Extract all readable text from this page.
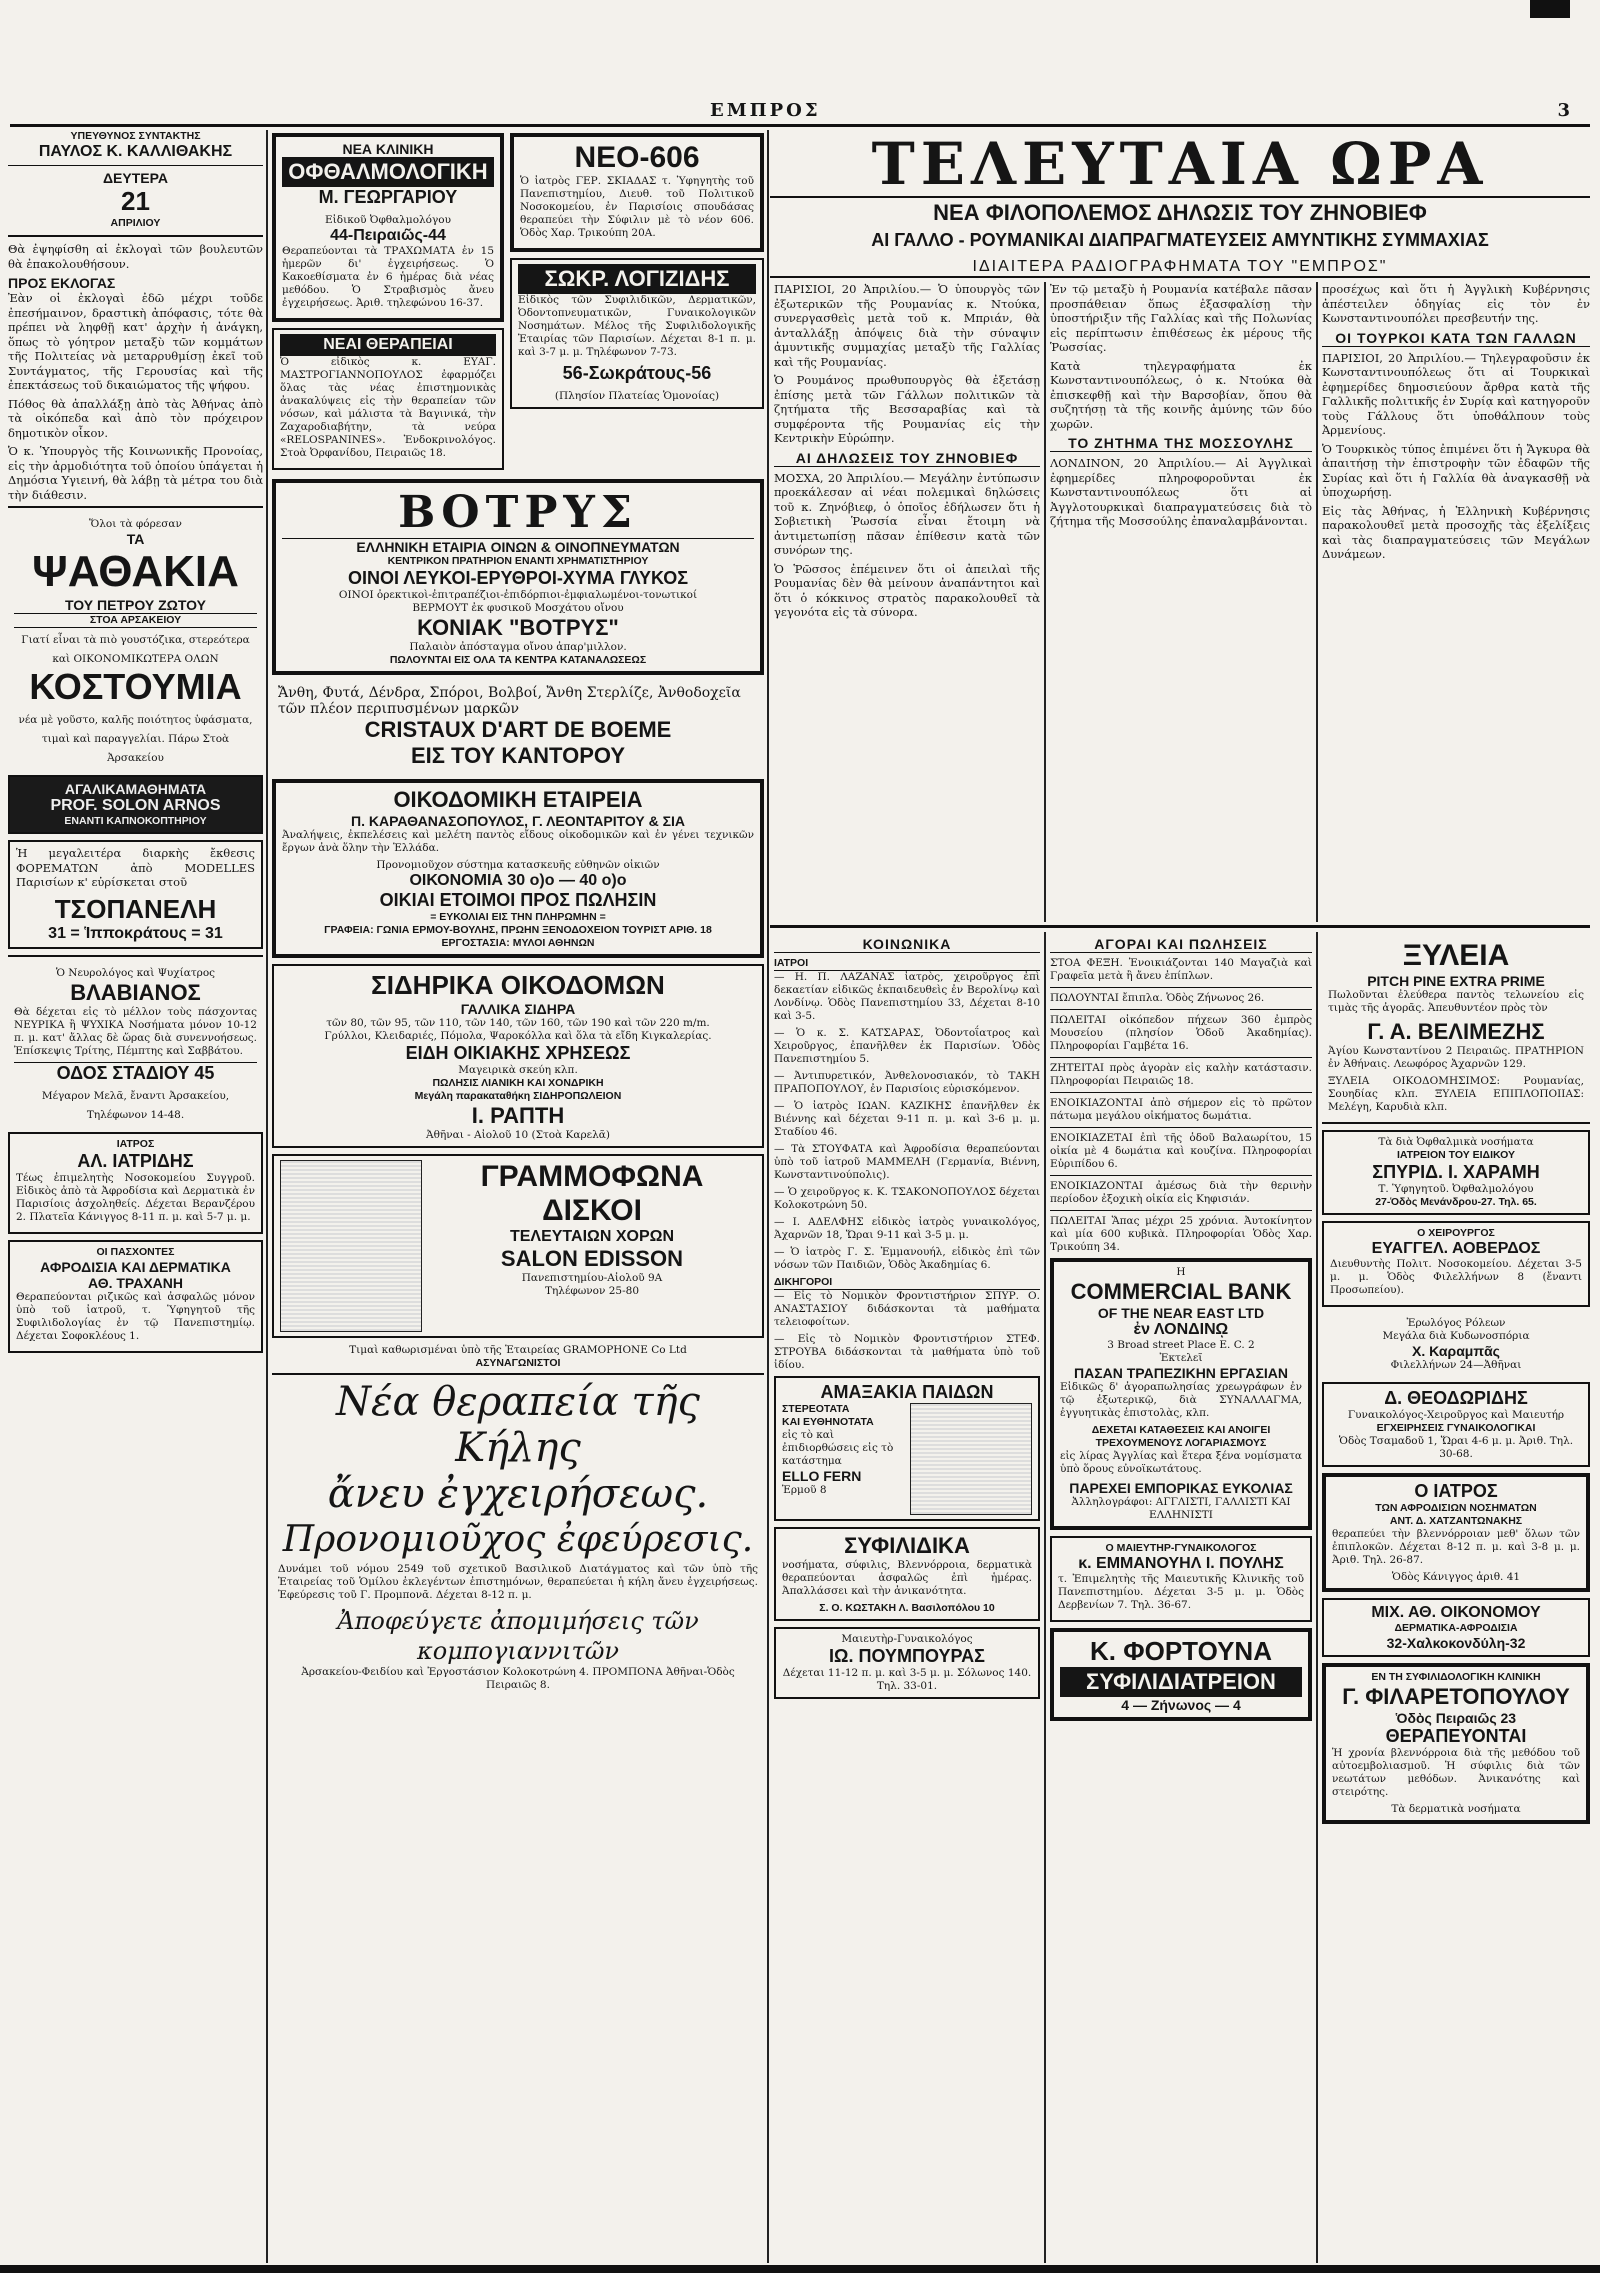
ΕΜΠΡΟΣ	3
ΥΠΕΥΘΥΝΟΣ ΣΥΝΤΑΚΤΗΣ
ΠΑΥΛΟΣ Κ. ΚΑΛΛΙΘΑΚΗΣ
ΔΕΥΤΕΡΑ
21
ΑΠΡΙΛΙΟΥ

Θὰ ἐψηφίσθη αἱ ἐκλογαὶ τῶν βουλευτῶν θὰ ἐπακολουθήσουν.

ΠΡΟΣ ΕΚΛΟΓΑΣ

Ἐὰν οἱ ἐκλογαὶ ἐδῶ μέχρι τοῦδε ἐπεσήμαινον, δραστικὴ ἀπόφασις, τότε θὰ πρέπει νὰ ληφθῇ κατ' ἀρχὴν ἡ ἀνάγκη, ὅπως τὸ γόητρον μεταξὺ τῶν κομμάτων τῆς Πολιτείας νὰ μεταρρυθμίσῃ ἐκεῖ τοῦ Συντάγματος, τῆς Γερουσίας καὶ τῆς ἐπεκτάσεως τοῦ δικαιώματος τῆς ψήφου.

Πόθος θὰ ἀπαλλάξῃ ἀπὸ τὰς Ἀθήνας ἀπὸ τὰ οἰκόπεδα καὶ ἀπὸ τὸν πρόχειρον δημοτικὸν οἶκον.

Ὁ κ. Ὑπουργὸς τῆς Κοινωνικῆς Προνοίας, εἰς τὴν ἁρμοδιότητα τοῦ ὁποίου ὑπάγεται ἡ Δημόσια Υγιεινή, θὰ λάβῃ τὰ μέτρα του διὰ τὴν διάθεσιν.

Ὅλοι τὰ φόρεσαν
ΤΑ
ΨΑΘΑΚΙΑ
ΤΟΥ ΠΕΤΡΟΥ ΖΩΤΟΥ
ΣΤΟΑ ΑΡΣΑΚΕΙΟΥ
Γιατί εἶναι τὰ πιὸ γουστόζικα, στερεότερα καὶ ΟΙΚΟΝΟΜΙΚΩΤΕΡΑ ΟΛΩΝ
ΚΟΣΤΟΥΜΙΑ
νέα μὲ γοῦστο, καλῆς ποιότητος ὑφάσματα, τιμαὶ καὶ παραγγελίαι. Πάρω Στοὰ Ἀρσακείου
ΑΓΑΛΙΚΑΜΑΘΗΜΑΤΑ
PROF. SOLON ARNOS
ΕΝΑΝΤΙ ΚΑΠΝΟΚΟΠΤΗΡΙΟΥ
Ἡ μεγαλειτέρα διαρκὴς ἔκθεσις ΦΟΡΕΜΑΤΩΝ ἀπὸ MODELLES Παρισίων κ' εὐρίσκεται στοῦ
ΤΣΟΠΑΝΕΛΗ
31 = Ἱπποκράτους = 31
Ὁ Νευρολόγος καὶ Ψυχίατρος
ΒΛΑΒΙΑΝΟΣ
Θὰ δέχεται εἰς τὸ μέλλον τοὺς πάσχοντας ΝΕΥΡΙΚΑ ἢ ΨΥΧΙΚΑ Νοσήματα μόνον 10-12 π. μ. κατ' ἄλλας δὲ ὥρας διὰ συνεννοήσεως. Ἐπίσκεψις Τρίτης, Πέμπτης καὶ Σαββάτου.
ΟΔΟΣ ΣΤΑΔΙΟΥ 45
Μέγαρον Μελᾶ, ἔναντι Ἀρσακείου, Τηλέφωνον 14-48.
ΙΑΤΡΟΣ
ΑΛ. ΙΑΤΡΙΔΗΣ
Τέως ἐπιμελητὴς Νοσοκομείου Συγγροῦ. Εἰδικὸς ἀπὸ τὰ Ἀφροδίσια καὶ Δερματικὰ ἐν Παρισίοις ἀσχοληθείς. Δέχεται Βερανζέρου 2. Πλατεῖα Κάνιγγος 8-11 π. μ. καὶ 5-7 μ. μ.
ΟΙ ΠΑΣΧΟΝΤΕΣ
ΑΦΡΟΔΙΣΙΑ ΚΑΙ ΔΕΡΜΑΤΙΚΑ
ΑΘ. ΤΡΑΧΑΝΗ
Θεραπεύονται ριζικῶς καὶ ἀσφαλῶς μόνον ὑπὸ τοῦ ἰατροῦ, τ. Ὑφηγητοῦ τῆς Συφιλιδολογίας ἐν τῷ Πανεπιστημίῳ. Δέχεται Σοφοκλέους 1.
ΝΕΑ ΚΛΙΝΙΚΗ
ΟΦΘΑΛΜΟΛΟΓΙΚΗ
Μ. ΓΕΩΡΓΑΡΙΟΥ
Εἰδικοῦ Ὀφθαλμολόγου
44-Πειραιῶς-44
Θεραπεύονται τὰ ΤΡΑΧΩΜΑΤΑ ἐν 15 ἡμερῶν δι' ἐγχειρήσεως. Ὁ Κακοεθίσματα ἐν 6 ἡμέρας διὰ νέας μεθόδου. Ὁ Στραβισμὸς ἄνευ ἐγχειρήσεως. Ἀριθ. τηλεφώνου 16-37.
ΝΕΑΙ ΘΕΡΑΠΕΙΑΙ
Ὁ εἰδικὸς κ. ΕΥΑΓ. ΜΑΣΤΡΟΓΙΑΝΝΟΠΟΥΛΟΣ ἐφαρμόζει ὅλας τὰς νέας ἐπιστημονικὰς ἀνακαλύψεις εἰς τὴν θεραπείαν τῶν νόσων, καὶ μάλιστα τὰ Βαγινικά, τὴν Ζαχαροδιαβήτην, τὰ νεύρα «RELOSPANINES». Ἐνδοκρινολόγος. Στοὰ Ὀρφανίδου, Πειραιῶς 18.
ΝΕΟ-606
Ὁ ἰατρὸς ΓΕΡ. ΣΚΙΑΔΑΣ τ. Ὑφηγητὴς τοῦ Πανεπιστημίου, Διευθ. τοῦ Πολιτικοῦ Νοσοκομείου, ἐν Παρισίοις σπουδάσας θεραπεύει τὴν Σύφιλιν μὲ τὸ νέον 606. Ὁδὸς Χαρ. Τρικούπη 20Α.
ΣΩΚΡ. ΛΟΓΙΖΙΔΗΣ
Εἰδικὸς τῶν Συφιλιδικῶν, Δερματικῶν, Ὀδοντοπνευματικῶν, Γυναικολογικῶν Νοσημάτων. Μέλος τῆς Συφιλιδολογικῆς Ἑταιρίας τῶν Παρισίων. Δέχεται 8-1 π. μ. καὶ 3-7 μ. μ. Τηλέφωνον 7-73.
56-Σωκράτους-56
(Πλησίον Πλατείας Ὁμονοίας)
ΒΟΤΡΥΣ
ΕΛΛΗΝΙΚΗ ΕΤΑΙΡΙΑ ΟΙΝΩΝ & ΟΙΝΟΠΝΕΥΜΑΤΩΝ
ΚΕΝΤΡΙΚΟΝ ΠΡΑΤΗΡΙΟΝ ΕΝΑΝΤΙ ΧΡΗΜΑΤΙΣΤΗΡΙΟΥ
ΟΙΝΟΙ ΛΕΥΚΟΙ-ΕΡΥΘΡΟΙ-ΧΥΜΑ ΓΛΥΚΟΣ
ΟΙΝΟΙ ὀρεκτικοὶ-ἐπιτραπέζιοι-ἐπιδόρπιοι-ἐμφιαλωμένοι-τονωτικοί
ΒΕΡΜΟΥΤ ἐκ φυσικοῦ Μοσχάτου οἴνου
ΚΟΝΙΑΚ "ΒΟΤΡΥΣ"
Παλαιὸν ἀπόσταγμα οἴνου ἀπαρ'μιλλον.
ΠΩΛΟΥΝΤΑΙ ΕΙΣ ΟΛΑ ΤΑ ΚΕΝΤΡΑ ΚΑΤΑΝΑΛΩΣΕΩΣ
Ἄνθη, Φυτά, Δένδρα, Σπόροι, Βολβοί, Ἄνθη Στερλίζε, Ἀνθοδοχεῖα τῶν πλέον περιπυσμένων μαρκῶν
CRISTAUX D'ART DE BOEME
ΕΙΣ ΤΟΥ ΚΑΝΤΟΡΟΥ
ΟΙΚΟΔΟΜΙΚΗ ΕΤΑΙΡΕΙΑ
Π. ΚΑΡΑΘΑΝΑΣΟΠΟΥΛΟΣ, Γ. ΛΕΟΝΤΑΡΙΤΟΥ & ΣΙΑ
Ἀναλήψεις, ἐκπελέσεις καὶ μελέτη παντὸς εἴδους οἰκοδομικῶν καὶ ἐν γένει τεχνικῶν ἔργων ἀνὰ ὅλην τὴν Ἑλλάδα.
Προνομιοῦχον σύστημα κατασκευῆς εὐθηνῶν οἰκιῶν
ΟΙΚΟΝΟΜΙΑ 30 ο)ο — 40 ο)ο
ΟΙΚΙΑΙ ΕΤΟΙΜΟΙ ΠΡΟΣ ΠΩΛΗΣΙΝ
= ΕΥΚΟΛΙΑΙ ΕΙΣ ΤΗΝ ΠΛΗΡΩΜΗΝ =
ΓΡΑΦΕΙΑ: ΓΩΝΙΑ ΕΡΜΟΥ-ΒΟΥΛΗΣ, ΠΡΩΗΝ ΞΕΝΟΔΟΧΕΙΟΝ ΤΟΥΡΙΣΤ ΑΡΙΘ. 18
ΕΡΓΟΣΤΑΣΙΑ: ΜΥΛΟΙ ΑΘΗΝΩΝ
ΣΙΔΗΡΙΚΑ ΟΙΚΟΔΟΜΩΝ
ΓΑΛΛΙΚΑ ΣΙΔΗΡΑ
τῶν 80, τῶν 95, τῶν 110, τῶν 140, τῶν 160, τῶν 190 καὶ τῶν 220 m/m.
Γρύλλοι, Κλειδαριές, Πόμολα, Ψαροκόλλα καὶ ὅλα τὰ εἴδη Κιγκαλερίας.
ΕΙΔΗ ΟΙΚΙΑΚΗΣ ΧΡΗΣΕΩΣ
Μαγειρικὰ σκεύη κλπ.
ΠΩΛΗΣΙΣ ΛΙΑΝΙΚΗ ΚΑΙ ΧΟΝΔΡΙΚΗ
Μεγάλη παρακαταθήκη ΣΙΔΗΡΟΠΩΛΕΙΟΝ
Ι. ΡΑΠΤΗ
Ἀθῆναι - Αἰολοῦ 10 (Στοὰ Καρελᾶ)
ΓΡΑΜΜΟΦΩΝΑ
ΔΙΣΚΟΙ
ΤΕΛΕΥΤΑΙΩΝ ΧΟΡΩΝ
SALON EDISSON
Πανεπιστημίου-Αἰολοῦ 9Α
Τηλέφωνον 25-80
Τιμαὶ καθωρισμέναι ὑπὸ τῆς Ἑταιρείας GRAMOPHONE Co Ltd
ΑΣΥΝΑΓΩΝΙΣΤΟΙ
Νέα θεραπεία τῆς Κήλης
ἄνευ ἐγχειρήσεως.
Προνομιοῦχος ἐφεύρεσις.
Δυνάμει τοῦ νόμου 2549 τοῦ σχετικοῦ Βασιλικοῦ Διατάγματος καὶ τῶν ὑπὸ τῆς Ἑταιρείας τοῦ Ὁμίλου ἐκλεγέντων ἐπιστημόνων, θεραπεύεται ἡ κήλη ἄνευ ἐγχειρήσεως. Ἐφεύρεσις τοῦ Γ. Προμπονᾶ. Δέχεται 8-12 π. μ.
Ἀποφεύγετε ἀπομιμήσεις τῶν κομπογιαννιτῶν
Ἀρσακείου-Φειδίου καὶ Ἐργοστάσιον Κολοκοτρώνη 4. ΠΡΟΜΠΟΝΑ Ἀθῆναι-Ὁδὸς Πειραιῶς 8.
ΤΕΛΕΥΤΑΙΑ ΩΡΑ
ΝΕΑ ΦΙΛΟΠΟΛΕΜΟΣ ΔΗΛΩΣΙΣ ΤΟΥ ΖΗΝΟΒΙΕΦ
ΑΙ ΓΑΛΛΟ - ΡΟΥΜΑΝΙΚΑΙ ΔΙΑΠΡΑΓΜΑΤΕΥΣΕΙΣ ΑΜΥΝΤΙΚΗΣ ΣΥΜΜΑΧΙΑΣ
ΙΔΙΑΙΤΕΡΑ ΡΑΔΙΟΓΡΑΦΗΜΑΤΑ ΤΟΥ "ΕΜΠΡΟΣ"

ΠΑΡΙΣΙΟΙ, 20 Ἀπριλίου.— Ὁ ὑπουργὸς τῶν ἐξωτερικῶν τῆς Ρουμανίας κ. Ντούκα, συνεργασθεὶς μετὰ τοῦ κ. Μπριάν, θὰ ἀνταλλάξῃ ἀπόψεις διὰ τὴν σύναψιν ἀμυντικῆς συμμαχίας μεταξὺ τῆς Γαλλίας καὶ τῆς Ρουμανίας.

Ὁ Ρουμάνος πρωθυπουργὸς θὰ ἐξετάσῃ ἐπίσης μετὰ τῶν Γάλλων πολιτικῶν τὰ ζητήματα τῆς Βεσσαραβίας καὶ τὰ συμφέροντα τῆς Ρουμανίας εἰς τὴν Κεντρικὴν Εὐρώπην.

ΑΙ ΔΗΛΩΣΕΙΣ ΤΟΥ ΖΗΝΟΒΙΕΦ

ΜΟΣΧΑ, 20 Ἀπριλίου.— Μεγάλην ἐντύπωσιν προεκάλεσαν αἱ νέαι πολεμικαὶ δηλώσεις τοῦ κ. Ζηνόβιεφ, ὁ ὁποῖος ἐδήλωσεν ὅτι ἡ Σοβιετικὴ Ῥωσσία εἶναι ἕτοιμη νὰ ἀντιμετωπίσῃ πᾶσαν ἐπίθεσιν κατὰ τῶν συνόρων της.

Ὁ Ῥῶσσος ἐπέμεινεν ὅτι οἱ ἀπειλαὶ τῆς Ρουμανίας δὲν θὰ μείνουν ἀναπάντητοι καὶ ὅτι ὁ κόκκινος στρατὸς παρακολουθεῖ τὰ γεγονότα εἰς τὰ σύνορα.

Ἐν τῷ μεταξὺ ἡ Ρουμανία κατέβαλε πᾶσαν προσπάθειαν ὅπως ἐξασφαλίσῃ τὴν ὑποστήριξιν τῆς Γαλλίας καὶ τῆς Πολωνίας εἰς περίπτωσιν ἐπιθέσεως ἐκ μέρους τῆς Ῥωσσίας.

Κατὰ τηλεγραφήματα ἐκ Κωνσταντινουπόλεως, ὁ κ. Ντούκα θὰ ἐπισκεφθῇ καὶ τὴν Βαρσοβίαν, ὅπου θὰ συζητήσῃ τὰ τῆς κοινῆς ἀμύνης τῶν δύο χωρῶν.

ΤΟ ΖΗΤΗΜΑ ΤΗΣ ΜΟΣΣΟΥΛΗΣ

ΛΟΝΔΙΝΟΝ, 20 Ἀπριλίου.— Αἱ Ἀγγλικαὶ ἐφημερίδες πληροφοροῦνται ἐκ Κωνσταντινουπόλεως ὅτι αἱ Ἀγγλοτουρκικαὶ διαπραγματεύσεις διὰ τὸ ζήτημα τῆς Μοσσούλης ἐπαναλαμβάνονται.

προσέχως καὶ ὅτι ἡ Ἀγγλικὴ Κυβέρνησις ἀπέστειλεν ὁδηγίας εἰς τὸν ἐν Κωνσταντινουπόλει πρεσβευτήν της.

ΟΙ ΤΟΥΡΚΟΙ ΚΑΤΑ ΤΩΝ ΓΑΛΛΩΝ

ΠΑΡΙΣΙΟΙ, 20 Ἀπριλίου.— Τηλεγραφοῦσιν ἐκ Κωνσταντινουπόλεως ὅτι αἱ Τουρκικαὶ ἐφημερίδες δημοσιεύουν ἄρθρα κατὰ τῆς Γαλλικῆς πολιτικῆς ἐν Συρίᾳ καὶ κατηγοροῦν τοὺς Γάλλους ὅτι ὑποθάλπουν τοὺς Ἀρμενίους.

Ὁ Τουρκικὸς τύπος ἐπιμένει ὅτι ἡ Ἄγκυρα θὰ ἀπαιτήσῃ τὴν ἐπιστροφὴν τῶν ἐδαφῶν τῆς Συρίας καὶ ὅτι ἡ Γαλλία θὰ ἀναγκασθῇ νὰ ὑποχωρήσῃ.

Εἰς τὰς Ἀθήνας, ἡ Ἑλληνικὴ Κυβέρνησις παρακολουθεῖ μετὰ προσοχῆς τὰς ἐξελίξεις καὶ τὰς διαπραγματεύσεις τῶν Μεγάλων Δυνάμεων.

ΚΟΙΝΩΝΙΚΑ
ΙΑΤΡΟΙ

— Η. Π. ΛΑΖΑΝΑΣ ἰατρὸς, χειροῦργος ἐπὶ δεκαετίαν εἰδικῶς ἐκπαιδευθεὶς ἐν Βερολίνῳ καὶ Λονδίνῳ. Ὁδὸς Πανεπιστημίου 33, Δέχεται 8-10 καὶ 3-5.

— Ὁ κ. Σ. ΚΑΤΣΑΡΑΣ, Ὀδοντοΐατρος καὶ Χειροῦργος, ἐπανῆλθεν ἐκ Παρισίων. Ὁδὸς Πανεπιστημίου 5.

— Ἀντιπυρετικόν, Ἀνθελονοσιακόν, τὸ ΤΑΚΗ ΠΡΑΠΟΠΟΥΛΟΥ, ἐν Παρισίοις εὐρισκόμενον.

— Ὁ ἰατρὸς ΙΩΑΝ. ΚΑΖΙΚΗΣ ἐπανῆλθεν ἐκ Βιέννης καὶ δέχεται 9-11 π. μ. καὶ 3-6 μ. μ. Σταδίου 46.

— Τὰ ΣΤΟΥΦΑΤΑ καὶ Ἀφροδίσια θεραπεύονται ὑπὸ τοῦ ἰατροῦ ΜΑΜΜΕΛΗ (Γερμανία, Βιέννη, Κωνσταντινούπολις).

— Ὁ χειροῦργος κ. Κ. ΤΣΑΚΟΝΟΠΟΥΛΟΣ δέχεται Κολοκοτρώνη 50.

— Ι. ΑΔΕΛΦΗΣ εἰδικὸς ἰατρὸς γυναικολόγος, Ἀχαρνῶν 18, Ὥραι 9-11 καὶ 3-5 μ. μ.

— Ὁ ἰατρὸς Γ. Σ. Ἐμμανουήλ, εἰδικὸς ἐπὶ τῶν νόσων τῶν Παιδιῶν, Ὁδὸς Ἀκαδημίας 6.

ΔΙΚΗΓΟΡΟΙ

— Εἰς τὸ Νομικὸν Φροντιστήριον ΣΠΥΡ. Ο. ΑΝΑΣΤΑΣΙΟΥ διδάσκονται τὰ μαθήματα τελειοφοίτων.

— Εἰς τὸ Νομικὸν Φροντιστήριον ΣΤΕΦ. ΣΤΡΟΥΒΑ διδάσκονται τὰ μαθήματα ὑπὸ τοῦ ἰδίου.

ΑΜΑΞΑΚΙΑ ΠΑΙΔΩΝ
ΣΤΕΡΕΟΤΑΤΑ
ΚΑΙ ΕΥΘΗΝΟΤΑΤΑ
εἰς τὸ καὶ ἐπιδιορθώσεις εἰς τὸ κατάστημα
ELLO FERN
Ἑρμοῦ 8
ΣΥΦΙΛΙΔΙΚΑ
νοσήματα, σύφιλις, Βλεννόρροια, δερματικὰ θεραπεύονται ἀσφαλῶς ἐπὶ ἡμέρας. Ἀπαλλάσσει καὶ τὴν ἀνικανότητα.
Σ. Ο. ΚΩΣΤΑΚΗ Λ. Βασιλοπόλου 10
Μαιευτὴρ-Γυναικολόγος
ΙΩ. ΠΟΥΜΠΟΥΡΑΣ
Δέχεται 11-12 π. μ. καὶ 3-5 μ. μ. Σόλωνος 140. Τηλ. 33-01.
ΑΓΟΡΑΙ ΚΑΙ ΠΩΛΗΣΕΙΣ

ΣΤΟΑ ΦΕΞΗ. Ἐνοικιάζονται 140 Μαγαζιὰ καὶ Γραφεῖα μετὰ ἢ ἄνευ ἐπίπλων.

ΠΩΛΟΥΝΤΑΙ ἔπιπλα. Ὁδὸς Ζήνωνος 26.

ΠΩΛΕΙΤΑΙ οἰκόπεδον πήχεων 360 ἐμπρὸς Μουσείου (πλησίον Ὁδοῦ Ἀκαδημίας). Πληροφορίαι Γαμβέτα 16.

ΖΗΤΕΙΤΑΙ πρὸς ἀγορὰν εἰς καλὴν κατάστασιν. Πληροφορίαι Πειραιῶς 18.

ΕΝΟΙΚΙΑΖΟΝΤΑΙ ἀπὸ σήμερον εἰς τὸ πρῶτον πάτωμα μεγάλου οἰκήματος δωμάτια.

ΕΝΟΙΚΙΑΖΕΤΑΙ ἐπὶ τῆς ὁδοῦ Βαλαωρίτου, 15 οἰκία μὲ 4 δωμάτια καὶ κουζίνα. Πληροφορίαι Εὐριπίδου 6.

ΕΝΟΙΚΙΑΖΟΝΤΑΙ ἀμέσως διὰ τὴν θερινὴν περίοδον ἐξοχικὴ οἰκία εἰς Κηφισιάν.

ΠΩΛΕΙΤΑΙ Ἅπας μέχρι 25 χρόνια. Ἀυτοκίνητον καὶ μία 600 κυβικὰ. Πληροφορίαι Ὁδὸς Χαρ. Τρικούπη 34.

Η
COMMERCIAL BANK
OF THE NEAR EAST LTD
ἐν ΛΟΝΔΙΝῼ
3 Broad street Place E. C. 2
Ἐκτελεῖ
ΠΑΣΑΝ ΤΡΑΠΕΖΙΚΗΝ ΕΡΓΑΣΙΑΝ
Εἰδικῶς δ' ἀγοραπωλησίας χρεωγράφων ἐν τῷ ἐξωτερικῷ, διὰ ΣΥΝΑΛΛΑΓΜΑ, ἐγγυητικὰς ἐπιστολὰς, κλπ.
ΔΕΧΕΤΑΙ ΚΑΤΑΘΕΣΕΙΣ ΚΑΙ ΑΝΟΙΓΕΙ ΤΡΕΧΟΥΜΕΝΟΥΣ ΛΟΓΑΡΙΑΣΜΟΥΣ
εἰς λίρας Ἀγγλίας καὶ ἕτερα ξένα νομίσματα ὑπὸ ὅρους εὐνοϊκωτάτους.
ΠΑΡΕΧΕΙ ΕΜΠΟΡΙΚΑΣ ΕΥΚΟΛΙΑΣ
Ἀλληλογράφοι: ΑΓΓΛΙΣΤΙ, ΓΑΛΛΙΣΤΙ ΚΑΙ ΕΛΛΗΝΙΣΤΙ
Ο ΜΑΙΕΥΤΗΡ-ΓΥΝΑΙΚΟΛΟΓΟΣ
κ. ΕΜΜΑΝΟΥΗΛ Ι. ΠΟΥΛΗΣ
τ. Ἐπιμελητὴς τῆς Μαιευτικῆς Κλινικῆς τοῦ Πανεπιστημίου. Δέχεται 3-5 μ. μ. Ὁδὸς Δερβενίων 7. Τηλ. 36-67.
Κ. ΦΟΡΤΟΥΝΑ
ΣΥΦΙΛΙΔΙΑΤΡΕΙΟΝ
4 — Ζήνωνος — 4
ΞΥΛΕΙΑ
PITCH PINE EXTRA PRIME
Πωλοῦνται ἐλεύθερα παντὸς τελωνείου εἰς τιμὰς τῆς ἀγορᾶς. Ἀπευθυντέον πρὸς τὸν
Γ. Α. ΒΕΛΙΜΕΖΗΣ
Ἀγίου Κωνσταντίνου 2 Πειραιῶς. ΠΡΑΤΗΡΙΟΝ ἐν Ἀθήναις. Λεωφόρος Ἀχαρνῶν 129.
ΞΥΛΕΙΑ ΟΙΚΟΔΟΜΗΣΙΜΟΣ: Ρουμανίας, Σουηδίας κλπ. ΞΥΛΕΙΑ ΕΠΙΠΛΟΠΟΙΙΑΣ: Μελέγη, Καρυδιὰ κλπ.
Τὰ διὰ Ὀφθαλμικὰ νοσήματα
ΙΑΤΡΕΙΟΝ ΤΟΥ ΕΙΔΙΚΟΥ
ΣΠΥΡΙΔ. Ι. ΧΑΡΑΜΗ
Τ. Ὑφηγητοῦ. Ὀφθαλμολόγου
27-Ὁδὸς Μενάνδρου-27. Τηλ. 65.
Ο ΧΕΙΡΟΥΡΓΟΣ
ΕΥΑΓΓΕΛ. ΑΟΒΕΡΔΟΣ
Διευθυντὴς Πολιτ. Νοσοκομείου. Δέχεται 3-5 μ. μ. Ὁδὸς Φιλελλήνων 8 (ἔναντι Προσωπείου).
Ἐρωλόγος Ρόλεων
Μεγάλα διὰ Κυδωνοσπόρια
Χ. Καραμπᾶς
Φιλελλήνων 24—Ἀθῆναι
Δ. ΘΕΟΔΩΡΙΔΗΣ
Γυναικολόγος-Χειροῦργος καὶ Μαιευτήρ
ΕΓΧΕΙΡΗΣΕΙΣ ΓΥΝΑΙΚΟΛΟΓΙΚΑΙ
Ὁδὸς Τσαμαδοῦ 1, Ὥραι 4-6 μ. μ. Ἀριθ. Τηλ. 30-68.
Ο ΙΑΤΡΟΣ
ΤΩΝ ΑΦΡΟΔΙΣΙΩΝ ΝΟΣΗΜΑΤΩΝ
ΑΝΤ. Δ. ΧΑΤΖΑΝΤΩΝΑΚΗΣ
θεραπεύει τὴν βλεννόρροιαν μεθ' ὅλων τῶν ἐπιπλοκῶν. Δέχεται 8-12 π. μ. καὶ 3-8 μ. μ. Ἀριθ. Τηλ. 26-87.
Ὁδὸς Κάνιγγος ἀριθ. 41
ΜΙΧ. ΑΘ. ΟΙΚΟΝΟΜΟΥ
ΔΕΡΜΑΤΙΚΑ-ΑΦΡΟΔΙΣΙΑ
32-Χαλκοκονδύλη-32
ΕΝ ΤΗ ΣΥΦΙΛΙΔΟΛΟΓΙΚΗ ΚΛΙΝΙΚΗ
Γ. ΦΙΛΑΡΕΤΟΠΟΥΛΟΥ
Ὁδὸς Πειραιῶς 23
ΘΕΡΑΠΕΥΟΝΤΑΙ
Ἡ χρονία βλεννόρροια διὰ τῆς μεθόδου τοῦ αὐτοεμβολιασμοῦ. Ἡ σύφιλις διὰ τῶν νεωτάτων μεθόδων. Ἀνικανότης καὶ στειρότης.
Τὰ δερματικὰ νοσήματα
